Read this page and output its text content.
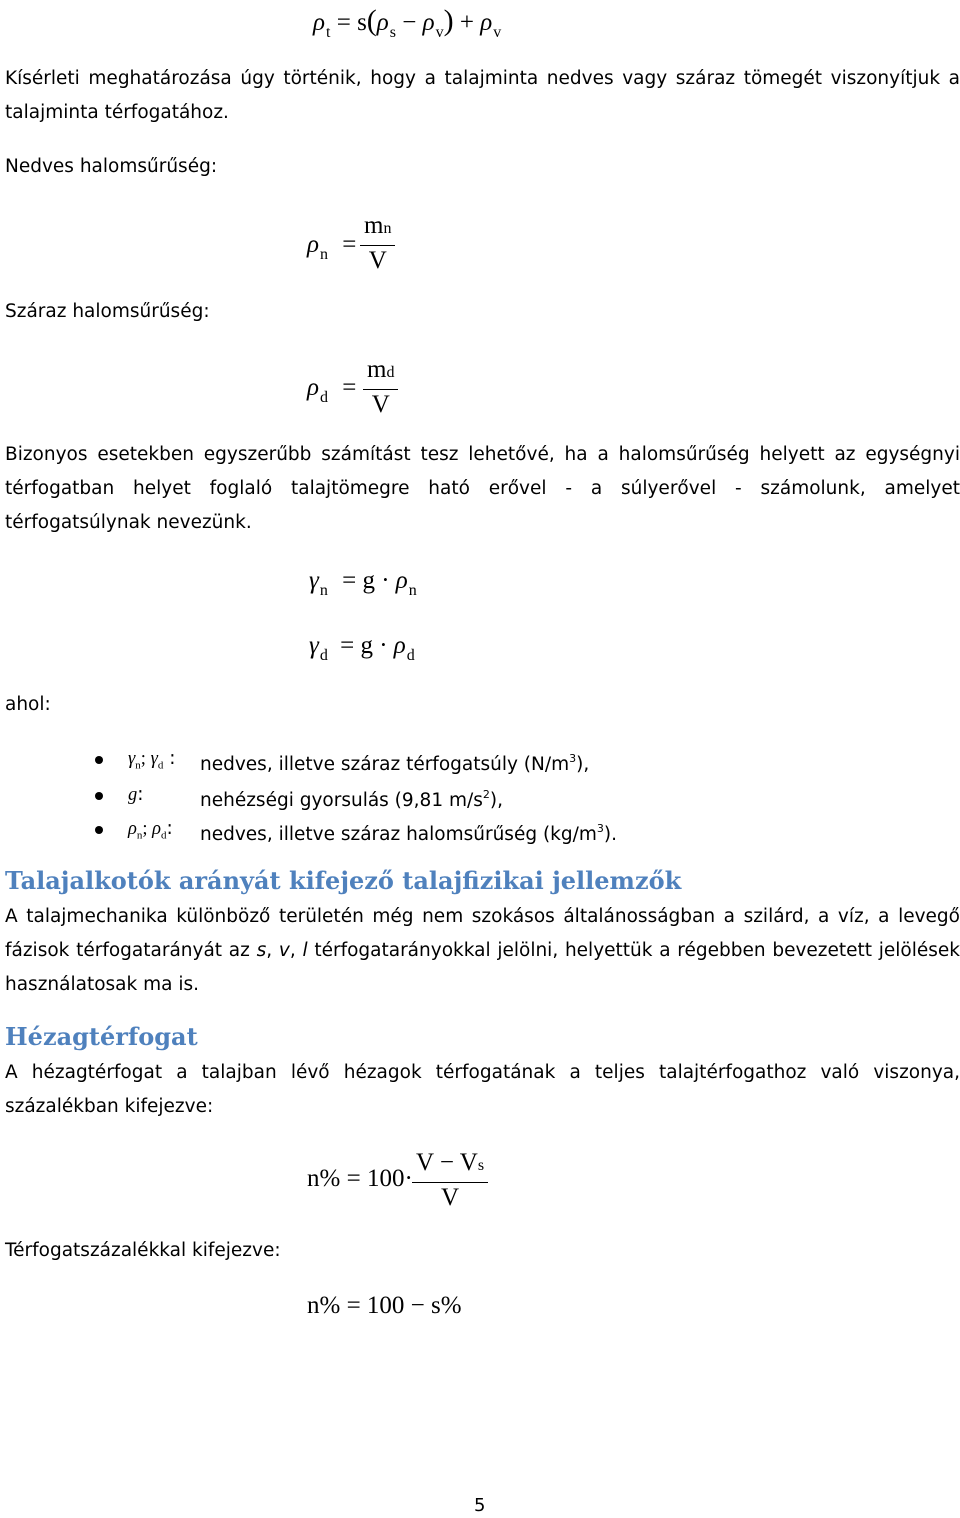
$\rho_t = s(\rho_s - \rho_v) + \rho_v$
Kísérleti meghatározása úgy történik, hogy a talajminta nedves vagy száraz tömegét viszonyítjuk a
talajminta térfogatához.
Nedves halomsűrűség:
$\rho_n = \frac{mn}{V}$
Száraz halomsűrűség:
$\rho_d = \frac{md}{V}$
Bizonyos esetekben egyszerűbb számítást tesz lehetővé, ha a halomsűrűség helyett az egységnyi
térfogatban helyet foglaló talajtömegre ható erővel - a súlyerővel - számolunk, amelyet
térfogatsúlynak nevezünk.
$\gamma_n = g \cdot \rho_n$
$\gamma_d = g \cdot \rho_d$
ahol:
$\gamma_n$; $\gamma_d$ : nedves, illetve száraz térfogatsúly $(N/m^3)$,
g:	nehézségi gyorsulás (9,81 $m/s^2$),
$\rho_n$; $\rho_d$: nedves, illetve száraz halomsűrűség $(kg/m^3)$.
Talajalkotók arányát kifejező talajfizikai jellemzők
A talajmechanika különböző területén még nem szokásos általánosságban a szilárd, a víz, a levegő
fázisok térfogatarányát az s, v, l térfogatarányokkal jelölni, helyettük a régebben bevezetett jelölések
használatosak ma is.
Hézagtérfogat
A hézagtérfogat a talajban lévő hézagok térfogatának a teljes talajtérfogathoz való viszonya,
százalékban kifejezve:
$n\% = 100\cdot \frac{V - Vs}{V}$
Térfogatszázalékkal kifejezve:
n% = 100 − s%
5
